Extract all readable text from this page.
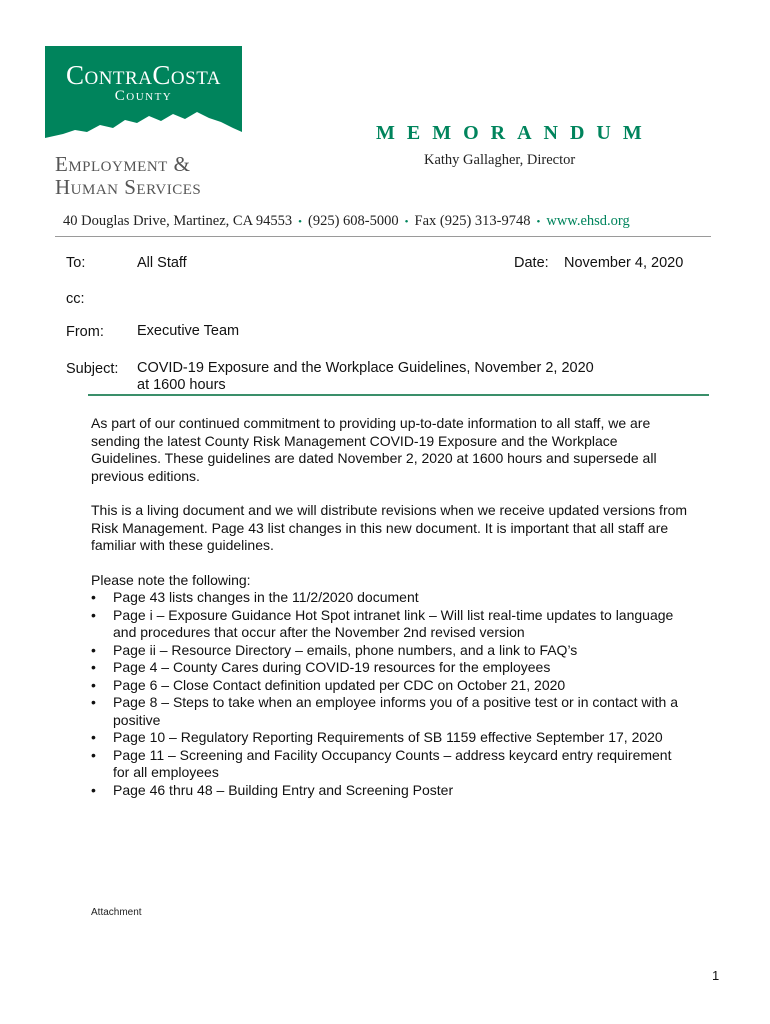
ContraCosta
County
Employment &
Human Services
MEMORANDUM
Kathy Gallagher, Director
40 Douglas Drive, Martinez, CA 94553 • (925) 608-5000 • Fax (925) 313-9748 • www.ehsd.org
To:	All Staff	Date: November 4, 2020
cc:
From: Executive Team
Subject: COVID-19 Exposure and the Workplace Guidelines, November 2, 2020
at 1600 hours

As part of our continued commitment to providing up-to-date information to all staff, we are sending the latest County Risk Management COVID-19 Exposure and the Workplace Guidelines. These guidelines are dated November 2, 2020 at 1600 hours and supersede all previous editions.

This is a living document and we will distribute revisions when we receive updated versions from Risk Management. Page 43 list changes in this new document. It is important that all staff are familiar with these guidelines.

Please note the following:

• Page 43 lists changes in the 11/2/2020 document
• Page i – Exposure Guidance Hot Spot intranet link – Will list real-time updates to language and procedures that occur after the November 2nd revised version
• Page ii – Resource Directory – emails, phone numbers, and a link to FAQ’s
• Page 4 – County Cares during COVID-19 resources for the employees
• Page 6 – Close Contact definition updated per CDC on October 21, 2020
• Page 8 – Steps to take when an employee informs you of a positive test or in contact with a positive
• Page 10 – Regulatory Reporting Requirements of SB 1159 effective September 17, 2020
• Page 11 – Screening and Facility Occupancy Counts – address keycard entry requirement for all employees
• Page 46 thru 48 – Building Entry and Screening Poster
Attachment
1
